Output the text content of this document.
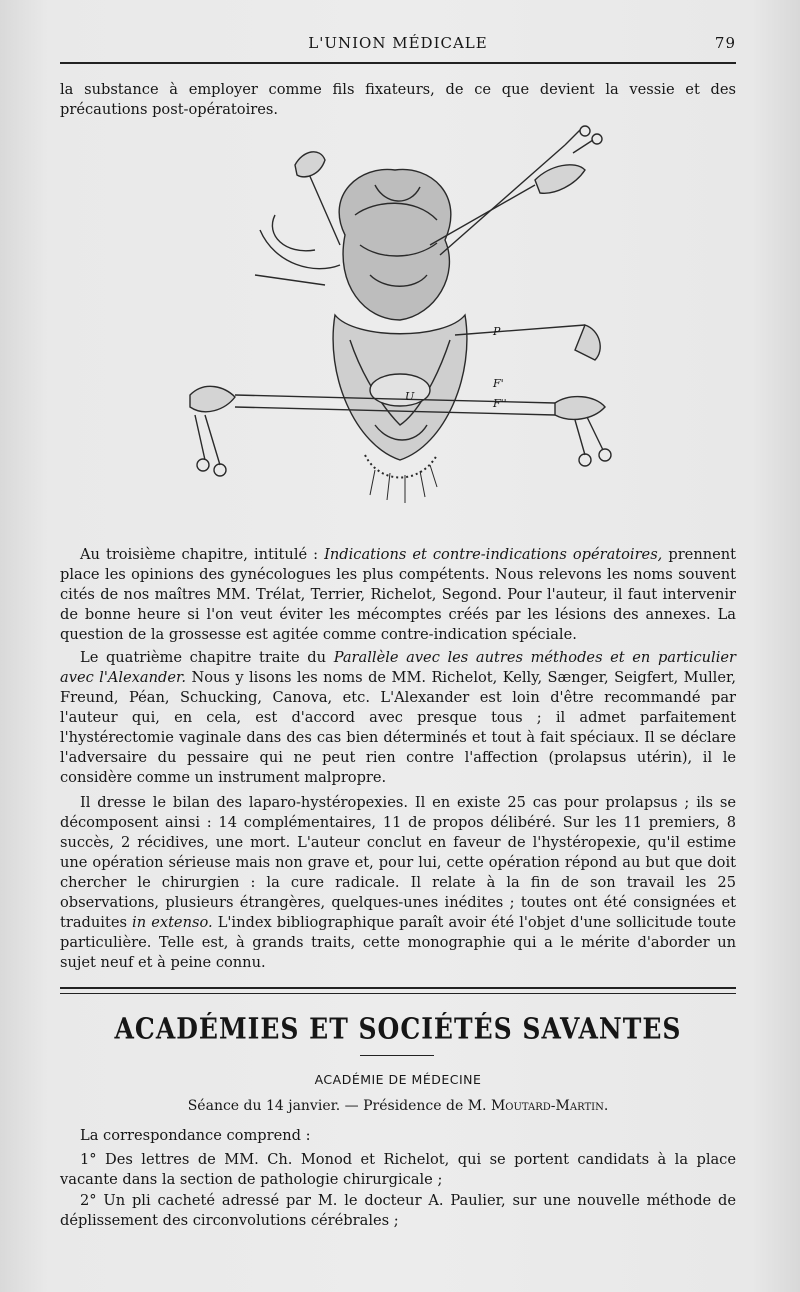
L'UNION MÉDICALE	79

la substance à employer comme fils fixateurs, de ce que devient la vessie et des précautions post-opératoires.

P
U
F'
F''

Au troisième chapitre, intitulé : Indications et contre-indications opératoires, prennent place les opinions des gynécologues les plus compétents. Nous relevons les noms souvent cités de nos maîtres MM. Trélat, Terrier, Richelot, Segond. Pour l'auteur, il faut intervenir de bonne heure si l'on veut éviter les mécomptes créés par les lésions des annexes. La question de la grossesse est agitée comme contre-indication spéciale.

Le quatrième chapitre traite du Parallèle avec les autres méthodes et en particulier avec l'Alexander. Nous y lisons les noms de MM. Richelot, Kelly, Sænger, Seigfert, Muller, Freund, Péan, Schucking, Canova, etc. L'Alexander est loin d'être recommandé par l'auteur qui, en cela, est d'accord avec presque tous ; il admet parfaitement l'hystérectomie vaginale dans des cas bien déterminés et tout à fait spéciaux. Il se déclare l'adversaire du pessaire qui ne peut rien contre l'affection (prolapsus utérin), il le considère comme un instrument malpropre.

Il dresse le bilan des laparo-hystéropexies. Il en existe 25 cas pour prolapsus ; ils se décomposent ainsi : 14 complémentaires, 11 de propos délibéré. Sur les 11 premiers, 8 succès, 2 récidives, une mort. L'auteur conclut en faveur de l'hystéropexie, qu'il estime une opération sérieuse mais non grave et, pour lui, cette opération répond au but que doit chercher le chirurgien : la cure radicale. Il relate à la fin de son travail les 25 observations, plusieurs étrangères, quelques-unes inédites ; toutes ont été consignées et traduites in extenso. L'index bibliographique paraît avoir été l'objet d'une sollicitude toute particulière. Telle est, à grands traits, cette monographie qui a le mérite d'aborder un sujet neuf et à peine connu.

ACADÉMIES ET SOCIÉTÉS SAVANTES
ACADÉMIE DE MÉDECINE
Séance du 14 janvier. — Présidence de M. Moutard-Martin.

La correspondance comprend :

1° Des lettres de MM. Ch. Monod et Richelot, qui se portent candidats à la place vacante dans la section de pathologie chirurgicale ;

2° Un pli cacheté adressé par M. le docteur A. Paulier, sur une nouvelle méthode de déplissement des circonvolutions cérébrales ;
